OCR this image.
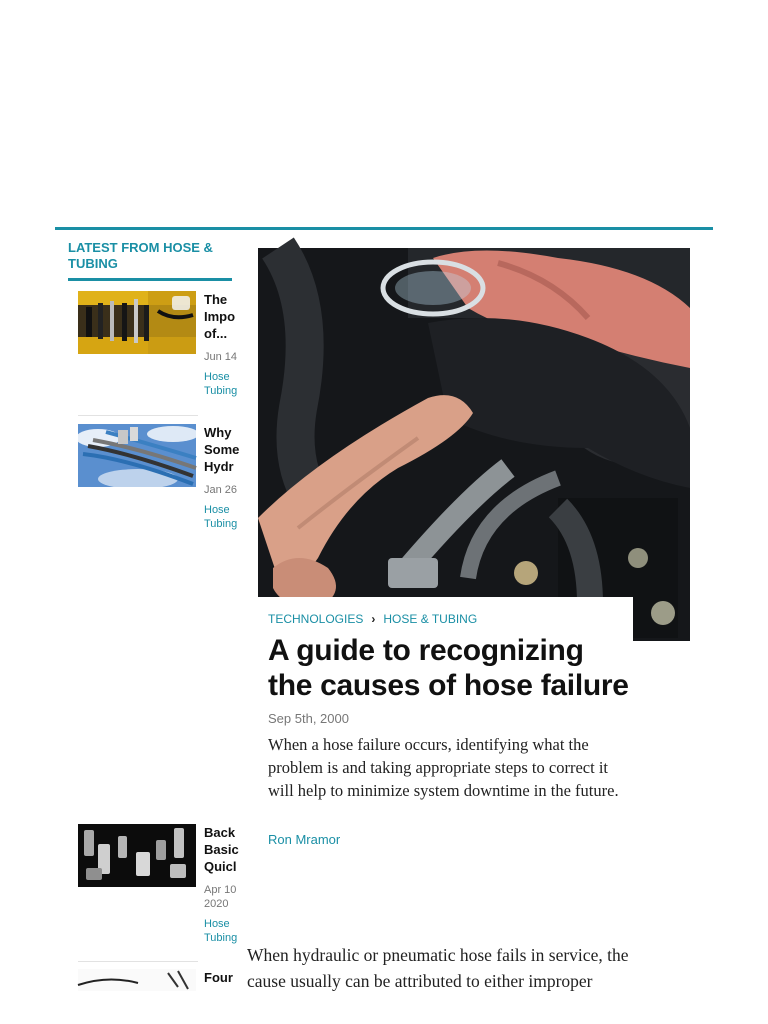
LATEST FROM HOSE & TUBING
The
Impo
of...
Jun 14
Hose
Tubing
Why
Some
Hydr
Jan 26
Hose
Tubing
Back
Basic
Quicl
Apr 10
2020
Hose
Tubing
Four
TECHNOLOGIES › HOSE & TUBING
A guide to recognizing the causes of hose failure
Sep 5th, 2000
When a hose failure occurs, identifying what the problem is and taking appropriate steps to correct it will help to minimize system downtime in the future.
Ron Mramor
When hydraulic or pneumatic hose fails in service, the cause usually can be attributed to either improper
